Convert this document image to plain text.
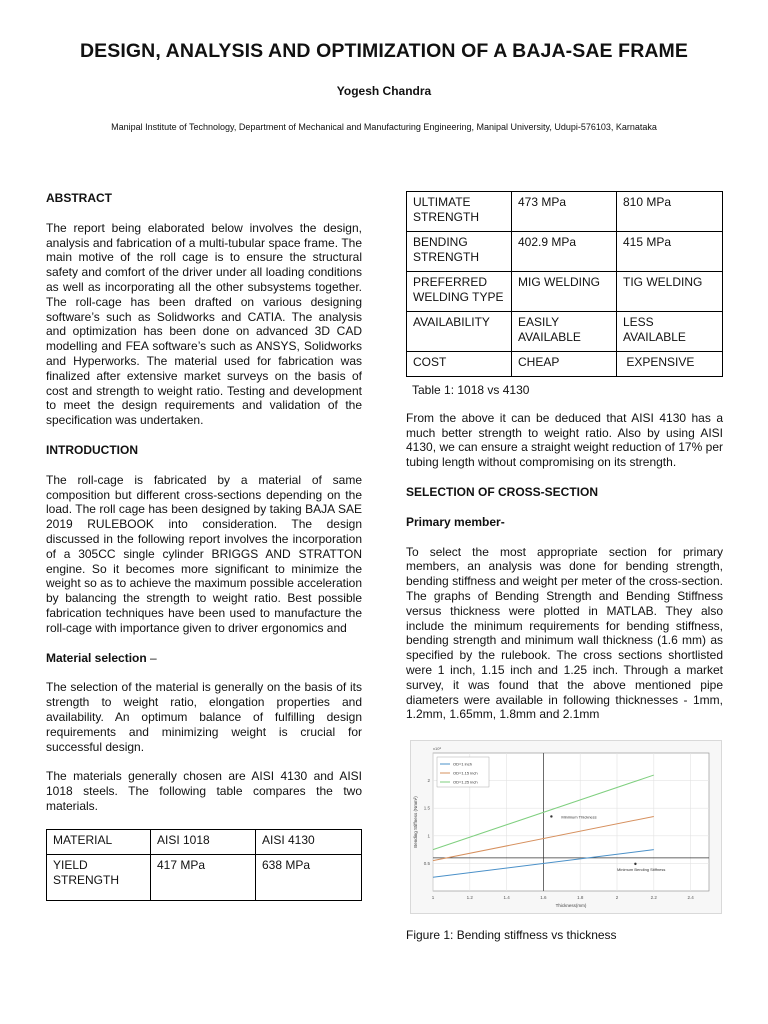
DESIGN, ANALYSIS AND OPTIMIZATION OF A BAJA-SAE FRAME
Yogesh Chandra
Manipal Institute of Technology, Department of Mechanical and Manufacturing Engineering, Manipal University, Udupi-576103, Karnataka
ABSTRACT
The report being elaborated below involves the design, analysis and fabrication of a multi-tubular space frame. The main motive of the roll cage is to ensure the structural safety and comfort of the driver under all loading conditions as well as incorporating all the other subsystems together. The roll-cage has been drafted on various designing software’s such as Solidworks and CATIA. The analysis and optimization has been done on advanced 3D CAD modelling and FEA software’s such as ANSYS, Solidworks and Hyperworks. The material used for fabrication was finalized after extensive market surveys on the basis of cost and strength to weight ratio. Testing and development to meet the design requirements and validation of the specification was undertaken.
INTRODUCTION
The roll-cage is fabricated by a material of same composition but different cross-sections depending on the load. The roll cage has been designed by taking BAJA SAE 2019 RULEBOOK into consideration. The design discussed in the following report involves the incorporation of a 305CC single cylinder BRIGGS AND STRATTON engine. So it becomes more significant to minimize the weight so as to achieve the maximum possible acceleration by balancing the strength to weight ratio. Best possible fabrication techniques have been used to manufacture the roll-cage with importance given to driver ergonomics and
Material selection –
The selection of the material is generally on the basis of its strength to weight ratio, elongation properties and availability. An optimum balance of fulfilling design requirements and minimizing weight is crucial for successful design.
The materials generally chosen are AISI 4130 and AISI 1018 steels. The following table compares the two materials.
MATERIAL	AISI 1018	AISI 4130
YIELD STRENGTH	417 MPa	638 MPa
ULTIMATE STRENGTH	473 MPa	810 MPa
BENDING STRENGTH	402.9 MPa	415 MPa
PREFERRED WELDING TYPE	MIG WELDING	TIG WELDING
AVAILABILITY	EASILY AVAILABLE	LESS AVAILABLE
COST	CHEAP	EXPENSIVE
Table 1: 1018 vs 4130
From the above it can be deduced that AISI 4130 has a much better strength to weight ratio. Also by using AISI 4130, we can ensure a straight weight reduction of 17% per tubing length without compromising on its strength.
SELECTION OF CROSS-SECTION
Primary member-
To select the most appropriate section for primary members, an analysis was done for bending strength, bending stiffness and weight per meter of the cross-section. The graphs of Bending Strength and Bending Stiffness versus thickness were plotted in MATLAB. They also include the minimum requirements for bending stiffness, bending strength and minimum wall thickness (1.6 mm) as specified by the rulebook. The cross sections shortlisted were 1 inch, 1.15 inch and 1.25 inch. Through a market survey, it was found that the above mentioned pipe diameters were available in following thicknesses - 1mm, 1.2mm, 1.65mm, 1.8mm and 2.1mm
1	1.2	1.4	1.6	1.8	2	2.2	2.4
0.5
1
1.5
2
x10⁸
Minimum Thickness
Minimum Bending Stiffness
OD=1 inch
OD=1.15 inch
OD=1.25 inch
Thickness(mm)
Bending Stiffness (Nmm²)
Figure 1: Bending stiffness vs thickness
